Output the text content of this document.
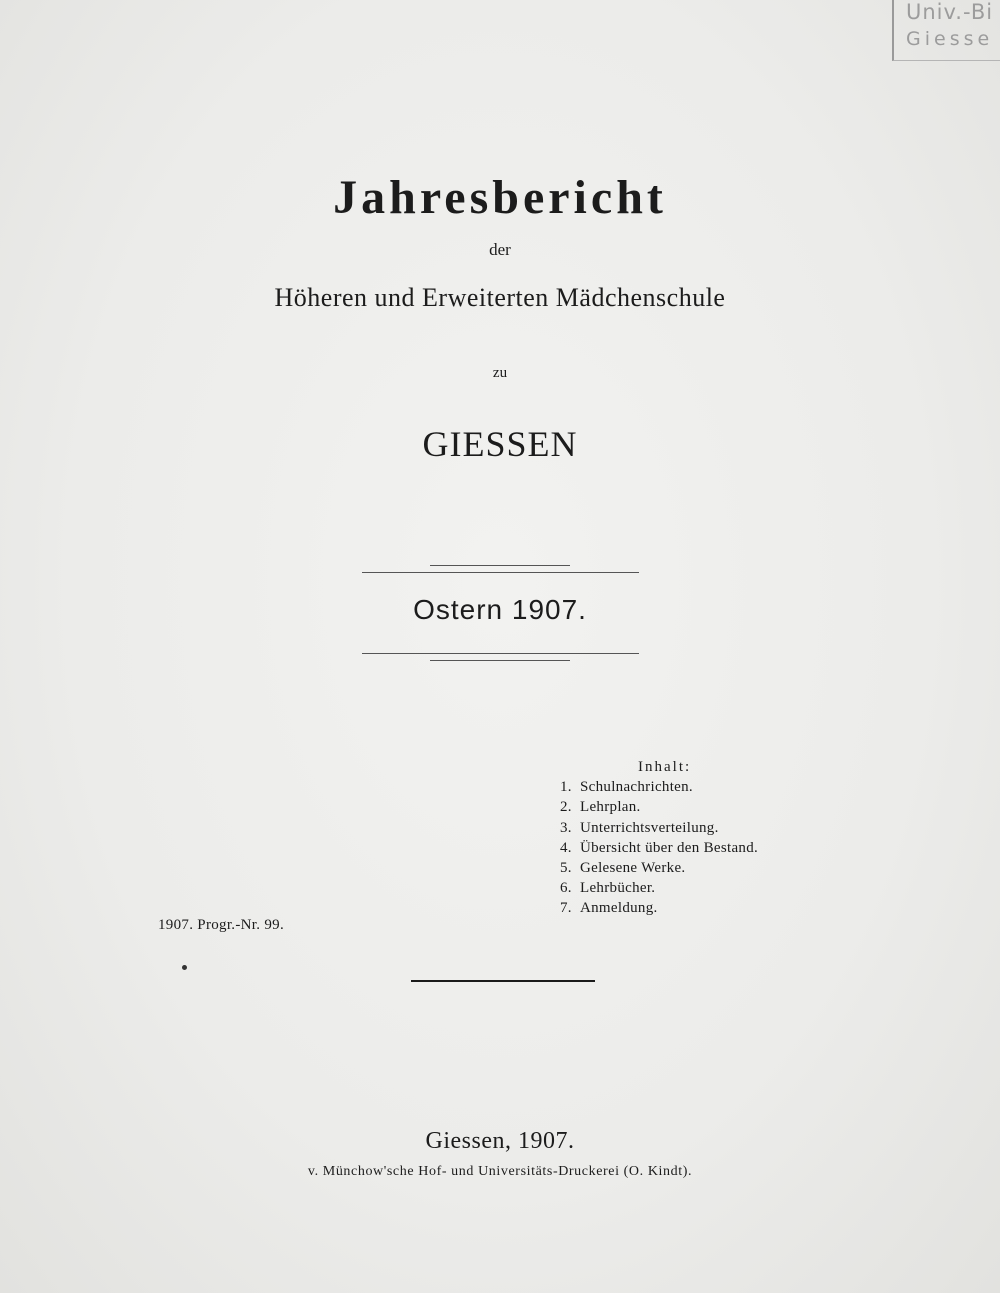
Univ.-Bi
Giesse
Jahresbericht
der
Höheren und Erweiterten Mädchenschule
zu
GIESSEN
Ostern 1907.
Inhalt:
1. Schulnachrichten.
2. Lehrplan.
3. Unterrichtsverteilung.
4. Übersicht über den Bestand.
5. Gelesene Werke.
6. Lehrbücher.
7. Anmeldung.
1907. Progr.-Nr. 99.
Giessen, 1907.
v. Münchow'sche Hof- und Universitäts-Druckerei (O. Kindt).
